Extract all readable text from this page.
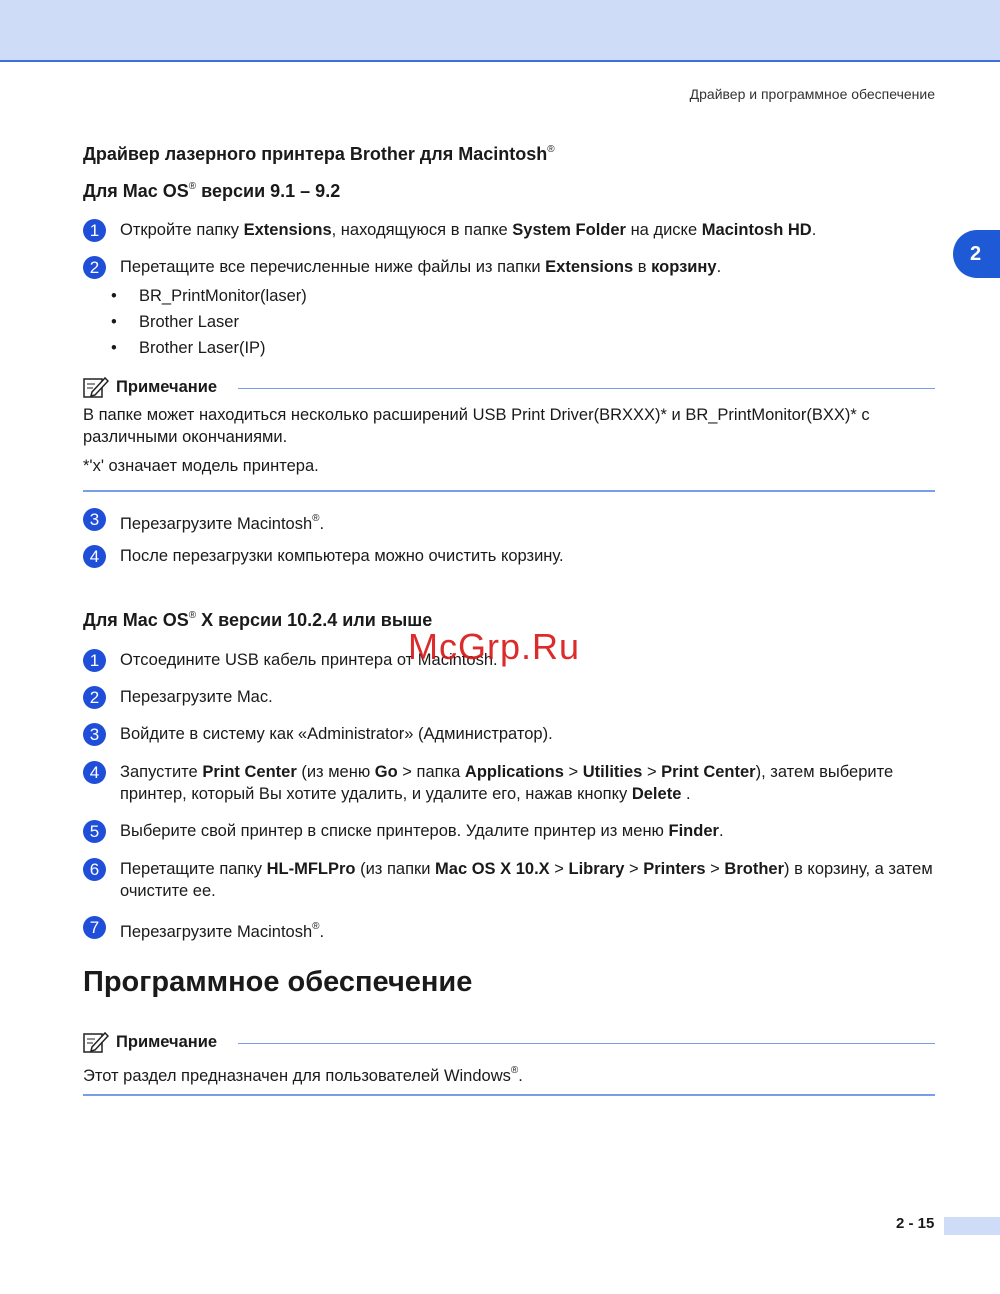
Драйвер и программное обеспечение
2
Драйвер лазерного принтера Brother для Macintosh®
Для Mac OS® версии 9.1 – 9.2
1	Откройте папку Extensions, находящуюся в папке System Folder на диске Macintosh HD.
2	Перетащите все перечисленные ниже файлы из папки Extensions в корзину.
• BR_PrintMonitor(laser)
• Brother Laser
• Brother Laser(IP)
Примечание
В папке может находиться несколько расширений USB Print Driver(BRXXX)* и BR_PrintMonitor(BXX)* с различными окончаниями.
*'x' означает модель принтера.
3	Перезагрузите Macintosh®.
4	После перезагрузки компьютера можно очистить корзину.
Для Mac OS® X версии 10.2.4 или выше
1	Отсоедините USB кабель принтера от Macintosh.
McGrp.Ru
2	Перезагрузите Mac.
3	Войдите в систему как «Administrator» (Администратор).
4	Запустите Print Center (из меню Go > папка Applications > Utilities > Print Center), затем выберите принтер, который Вы хотите удалить, и удалите его, нажав кнопку Delete .
5	Выберите свой принтер в списке принтеров. Удалите принтер из меню Finder.
6	Перетащите папку HL-MFLPro (из папки Mac OS X 10.X > Library > Printers > Brother) в корзину, а затем очистите ее.
7	Перезагрузите Macintosh®.
Программное обеспечение
Примечание
Этот раздел предназначен для пользователей Windows®.
2 - 15
